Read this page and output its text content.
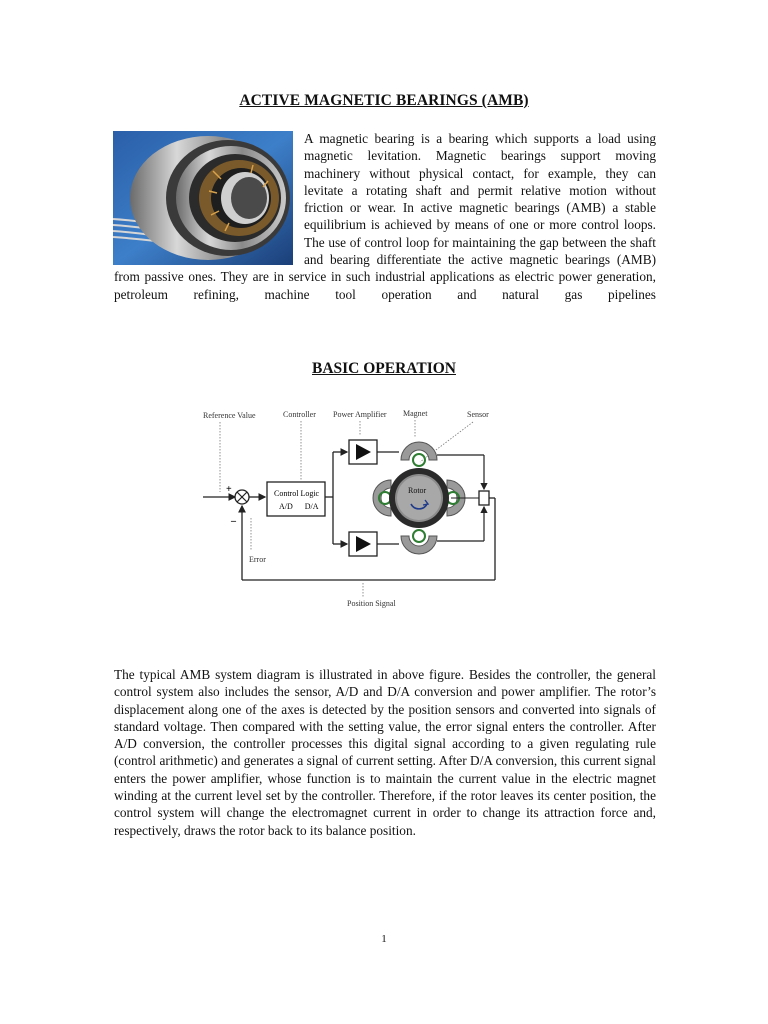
ACTIVE MAGNETIC BEARINGS (AMB)

A magnetic bearing is a bearing which supports a load using magnetic levitation. Magnetic bearings support moving machinery without physical contact, for example, they can levitate a rotating shaft and permit relative motion without friction or wear. In active magnetic bearings (AMB) a stable equilibrium is achieved by means of one or more control loops. The use of control loop for maintaining the gap between the shaft and bearing differentiate the active magnetic bearings (AMB) from passive ones. They are in service in such industrial applications as electric power generation, petroleum refining, machine tool operation and natural gas pipelines

BASIC OPERATION
Reference Value	Controller Power Amplifier Magnet	Sensor
+
–
Control Logic
A/D      D/A
Rotor
Error
Position Signal

The typical AMB system diagram is illustrated in above figure. Besides the controller, the general control system also includes the sensor, A/D and D/A conversion and power amplifier. The rotor’s displacement along one of the axes is detected by the position sensors and converted into signals of standard voltage. Then compared with the setting value, the error signal enters the controller. After A/D conversion, the controller processes this digital signal according to a given regulating rule (control arithmetic) and generates a signal of current setting. After D/A conversion, this current signal enters the power amplifier, whose function is to maintain the current value in the electric magnet winding at the current level set by the controller. Therefore, if the rotor leaves its center position, the control system will change the electromagnet current in order to change its attraction force and, respectively, draws the rotor back to its balance position.

1
